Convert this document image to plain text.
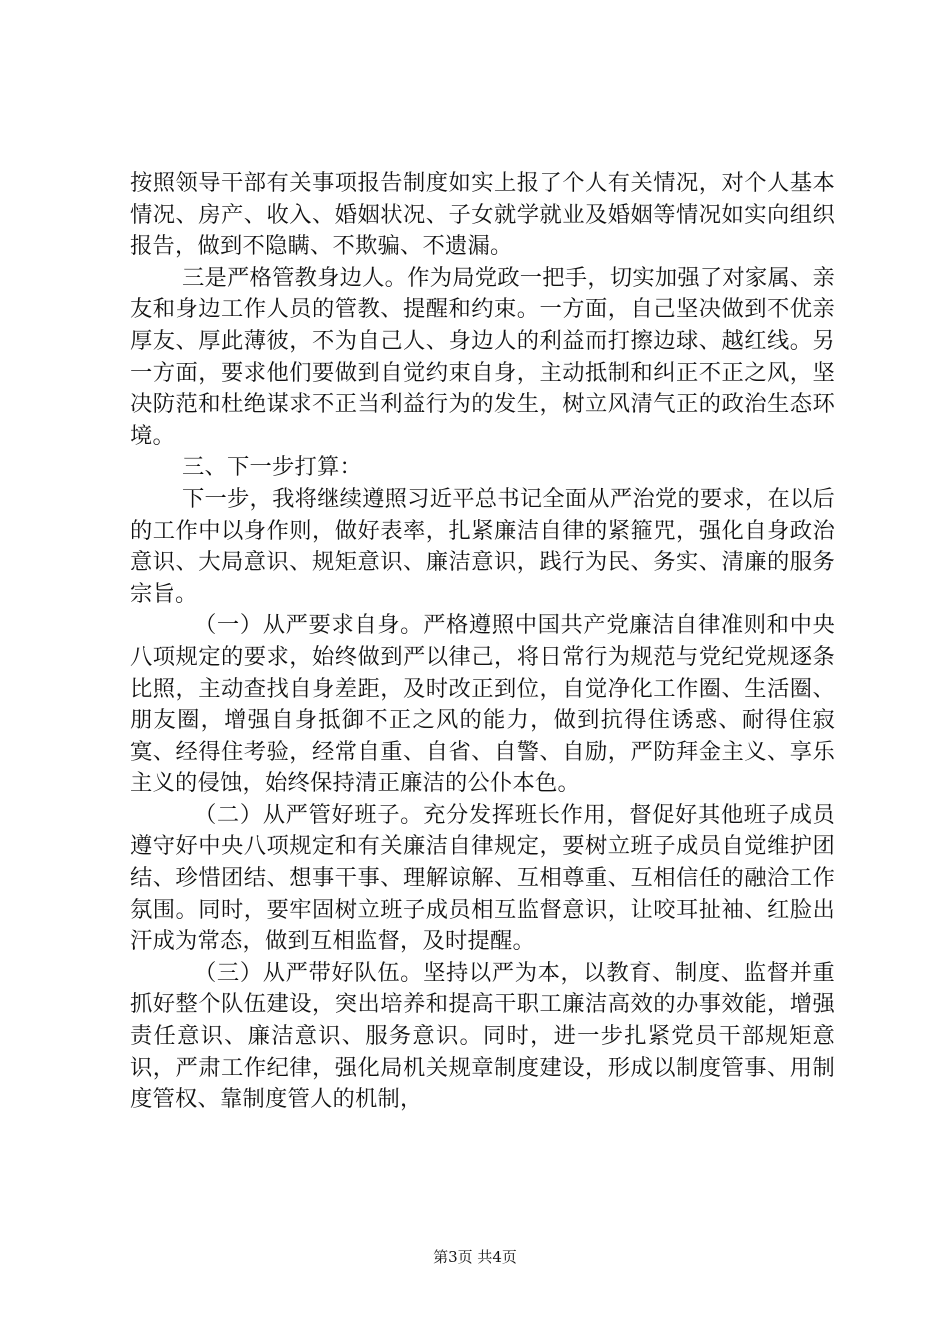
按照领导干部有关事项报告制度如实上报了个人有关情况，对个人基本情况、房产、收入、婚姻状况、子女就学就业及婚姻等情况如实向组织报告，做到不隐瞒、不欺骗、不遗漏。

三是严格管教身边人。作为局党政一把手，切实加强了对家属、亲友和身边工作人员的管教、提醒和约束。一方面，自己坚决做到不优亲厚友、厚此薄彼，不为自己人、身边人的利益而打擦边球、越红线。另一方面，要求他们要做到自觉约束自身，主动抵制和纠正不正之风，坚决防范和杜绝谋求不正当利益行为的发生，树立风清气正的政治生态环境。

三、下一步打算：

下一步，我将继续遵照习近平总书记全面从严治党的要求，在以后的工作中以身作则，做好表率，扎紧廉洁自律的紧箍咒，强化自身政治意识、大局意识、规矩意识、廉洁意识，践行为民、务实、清廉的服务宗旨。

（一）从严要求自身。严格遵照中国共产党廉洁自律准则和中央八项规定的要求，始终做到严以律己，将日常行为规范与党纪党规逐条比照，主动查找自身差距，及时改正到位，自觉净化工作圈、生活圈、朋友圈，增强自身抵御不正之风的能力，做到抗得住诱惑、耐得住寂寞、经得住考验，经常自重、自省、自警、自励，严防拜金主义、享乐主义的侵蚀，始终保持清正廉洁的公仆本色。

（二）从严管好班子。充分发挥班长作用，督促好其他班子成员遵守好中央八项规定和有关廉洁自律规定，要树立班子成员自觉维护团结、珍惜团结、想事干事、理解谅解、互相尊重、互相信任的融洽工作氛围。同时，要牢固树立班子成员相互监督意识，让咬耳扯袖、红脸出汗成为常态，做到互相监督，及时提醒。

（三）从严带好队伍。坚持以严为本，以教育、制度、监督并重抓好整个队伍建设，突出培养和提高干职工廉洁高效的办事效能，增强责任意识、廉洁意识、服务意识。同时，进一步扎紧党员干部规矩意识，严肃工作纪律，强化局机关规章制度建设，形成以制度管事、用制度管权、靠制度管人的机制，

第3页 共4页
